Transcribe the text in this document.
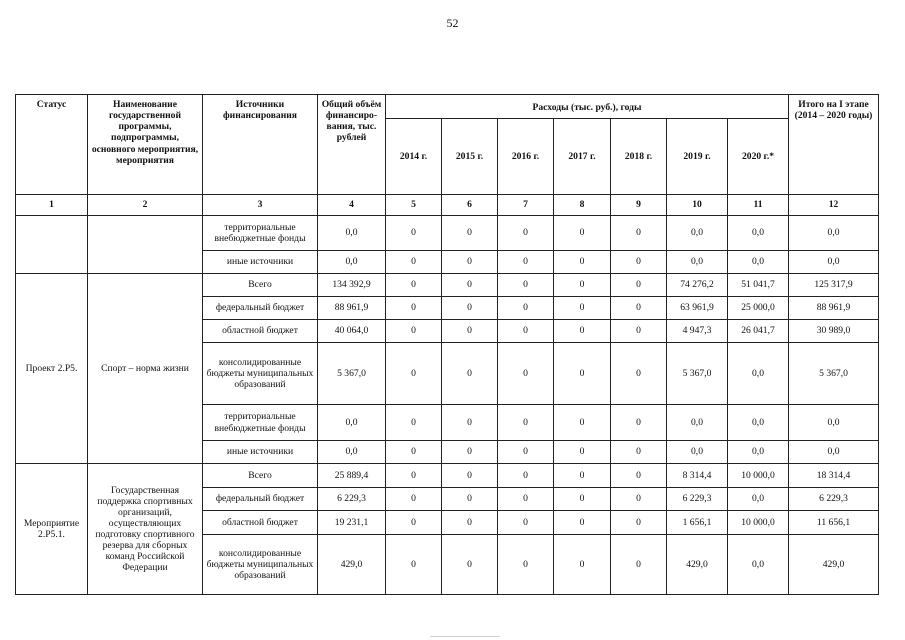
52
Статус	Наименование государственной программы, подпрограммы, основного мероприятия, мероприятия	Источники финансирования	Общий объём финансиро-вания, тыс. рублей	Расходы (тыс. руб.), годы							Итого на I этапе (2014 – 2020 годы)
				2014 г.	2015 г.	2016 г.	2017 г.	2018 г.	2019 г.	2020 г.*	
1	2	3	4	5	6	7	8	9	10	11	12
		территориальные внебюджетные фонды	0,0	0	0	0	0	0	0,0	0,0	0,0
		иные источники	0,0	0	0	0	0	0	0,0	0,0	0,0
Проект 2.Р5.	Спорт – норма жизни	Всего	134 392,9	0	0	0	0	0	74 276,2	51 041,7	125 317,9
		федеральный бюджет	88 961,9	0	0	0	0	0	63 961,9	25 000,0	88 961,9
		областной бюджет	40 064,0	0	0	0	0	0	4 947,3	26 041,7	30 989,0
		консолидированные бюджеты муниципальных образований	5 367,0	0	0	0	0	0	5 367,0	0,0	5 367,0
		территориальные внебюджетные фонды	0,0	0	0	0	0	0	0,0	0,0	0,0
		иные источники	0,0	0	0	0	0	0	0,0	0,0	0,0
Мероприятие 2.Р5.1.	Государственная поддержка спортивных организаций, осуществляющих подготовку спортивного резерва для сборных команд Российской Федерации	Всего	25 889,4	0	0	0	0	0	8 314,4	10 000,0	18 314,4
		федеральный бюджет	6 229,3	0	0	0	0	0	6 229,3	0,0	6 229,3
		областной бюджет	19 231,1	0	0	0	0	0	1 656,1	10 000,0	11 656,1
		консолидированные бюджеты муниципальных образований	429,0	0	0	0	0	0	429,0	0,0	429,0
